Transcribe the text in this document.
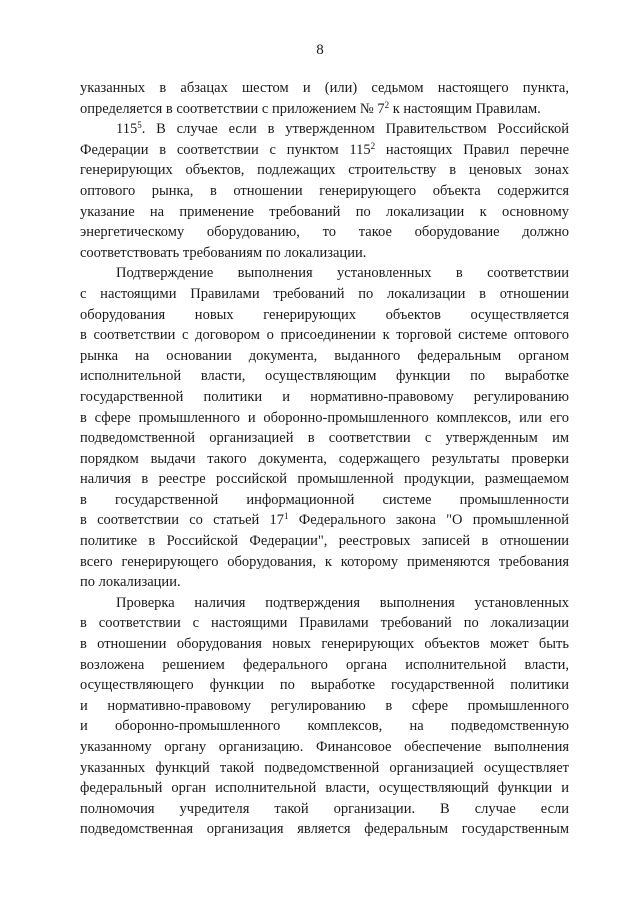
8
указанных в абзацах шестом и (или) седьмом настоящего пункта,
определяется в соответствии с приложением № $7^2$ к настоящим Правилам.
$115^5$. В случае если в утвержденном Правительством Российской
Федерации в соответствии с пунктом $115^2$ настоящих Правил перечне
генерирующих объектов, подлежащих строительству в ценовых зонах
оптового рынка, в отношении генерирующего объекта содержится
указание на применение требований по локализации к основному
энергетическому оборудованию, то такое оборудование должно
соответствовать требованиям по локализации.
Подтверждение выполнения установленных в соответствии
с настоящими Правилами требований по локализации в отношении
оборудования новых генерирующих объектов осуществляется
в соответствии с договором о присоединении к торговой системе оптового
рынка на основании документа, выданного федеральным органом
исполнительной власти, осуществляющим функции по выработке
государственной политики и нормативно-правовому регулированию
в сфере промышленного и оборонно-промышленного комплексов, или его
подведомственной организацией в соответствии с утвержденным им
порядком выдачи такого документа, содержащего результаты проверки
наличия в реестре российской промышленной продукции, размещаемом
в государственной информационной системе промышленности
в соответствии со статьей $17^1$ Федерального закона "О промышленной
политике в Российской Федерации", реестровых записей в отношении
всего генерирующего оборудования, к которому применяются требования
по локализации.
Проверка наличия подтверждения выполнения установленных
в соответствии с настоящими Правилами требований по локализации
в отношении оборудования новых генерирующих объектов может быть
возложена решением федерального органа исполнительной власти,
осуществляющего функции по выработке государственной политики
и нормативно-правовому регулированию в сфере промышленного
и оборонно-промышленного комплексов, на подведомственную
указанному органу организацию. Финансовое обеспечение выполнения
указанных функций такой подведомственной организацией осуществляет
федеральный орган исполнительной власти, осуществляющий функции и
полномочия учредителя такой организации. В случае если
подведомственная организация является федеральным государственным
